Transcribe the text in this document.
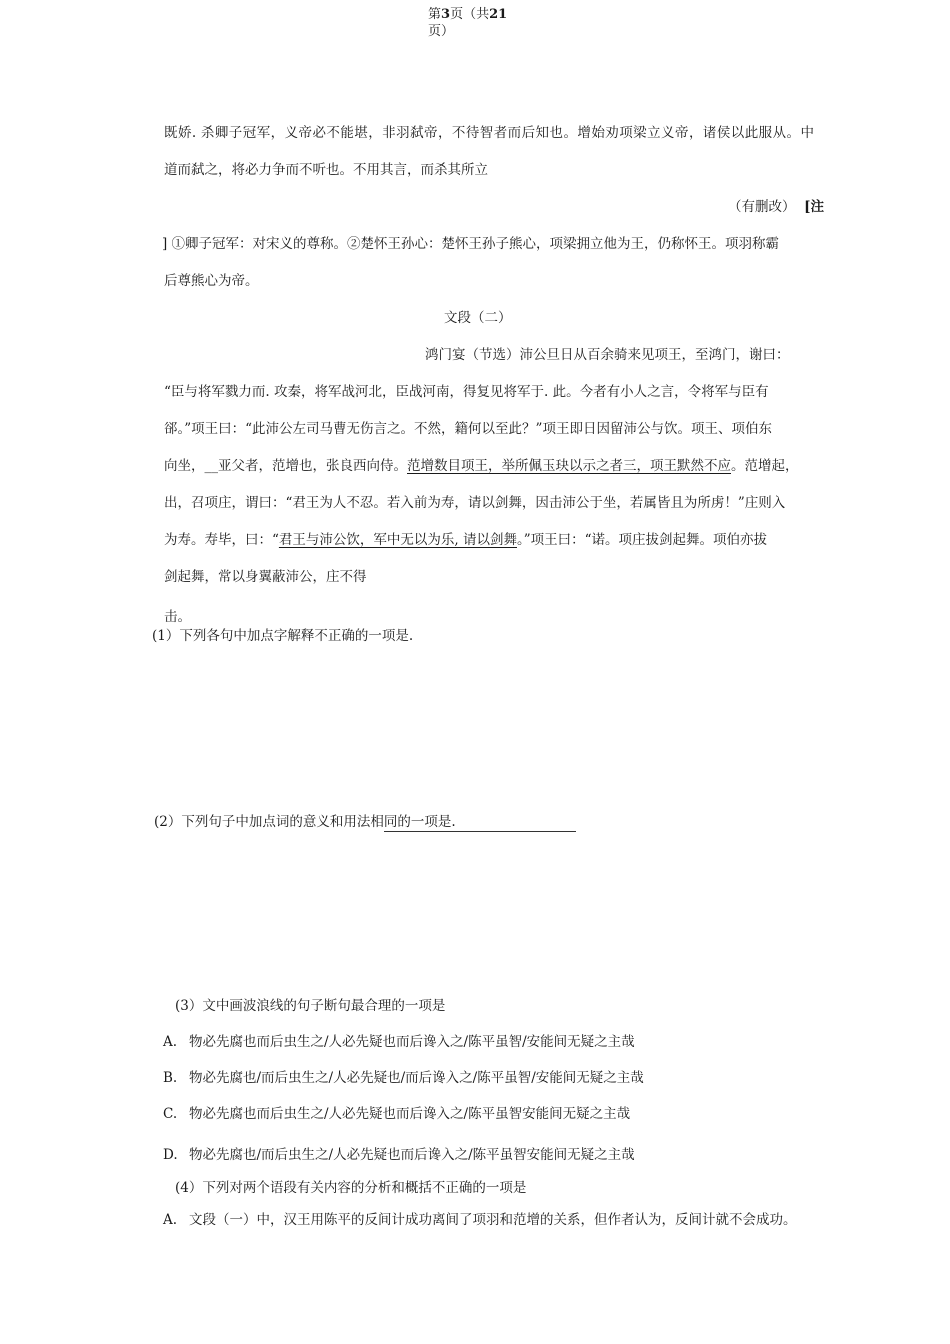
第3页（共21
页）
既娇. 杀卿子冠军，义帝必不能堪，非羽弑帝，不待智者而后知也。增始劝项梁立义帝，诸侯以此服从。中
道而弑之，将必力争而不听也。不用其言，而杀其所立
（有删改） [注
] ①卿子冠军：对宋义的尊称。②楚怀王孙心：楚怀王孙子熊心，项梁拥立他为王，仍称怀王。项羽称霸
后尊熊心为帝。
文段（二）
鸿门宴（节选）沛公旦日从百余骑来见项王，至鸿门，谢曰：
“臣与将军戮力而. 攻秦，将军战河北，臣战河南，得复见将军于. 此。今者有小人之言，令将军与臣有
郤。”项王曰：“此沛公左司马曹无伤言之。不然，籍何以至此？”项王即日因留沛公与饮。项王、项伯东
向坐，__亚父者，范增也，张良西向侍。范增数目项王，举所佩玉玦以示之者三，项王默然不应。范增起，
出，召项庄，谓曰：“君王为人不忍。若入前为寿，请以剑舞，因击沛公于坐，若属皆且为所虏！”庄则入
为寿。寿毕，曰：“君王与沛公饮，军中无以为乐, 请以剑舞。”项王曰：“诺。项庄拔剑起舞。项伯亦拔
剑起舞，常以身翼蔽沛公，庄不得
击。
(1）下列各句中加点字解释不正确的一项是.
(2）下列句子中加点词的意义和用法相同的一项是.
(3）文中画波浪线的句子断句最合理的一项是
A. 物必先腐也而后虫生之/人必先疑也而后谗入之/陈平虽智/安能间无疑之主哉
B. 物必先腐也/而后虫生之/人必先疑也/而后谗入之/陈平虽智/安能间无疑之主哉
C. 物必先腐也而后虫生之/人必先疑也而后谗入之/陈平虽智安能间无疑之主哉
D. 物必先腐也/而后虫生之/人必先疑也而后谗入之/陈平虽智安能间无疑之主哉
(4）下列对两个语段有关内容的分析和概括不正确的一项是
A. 文段（一）中，汉王用陈平的反间计成功离间了项羽和范增的关系，但作者认为，反间计就不会成功。
